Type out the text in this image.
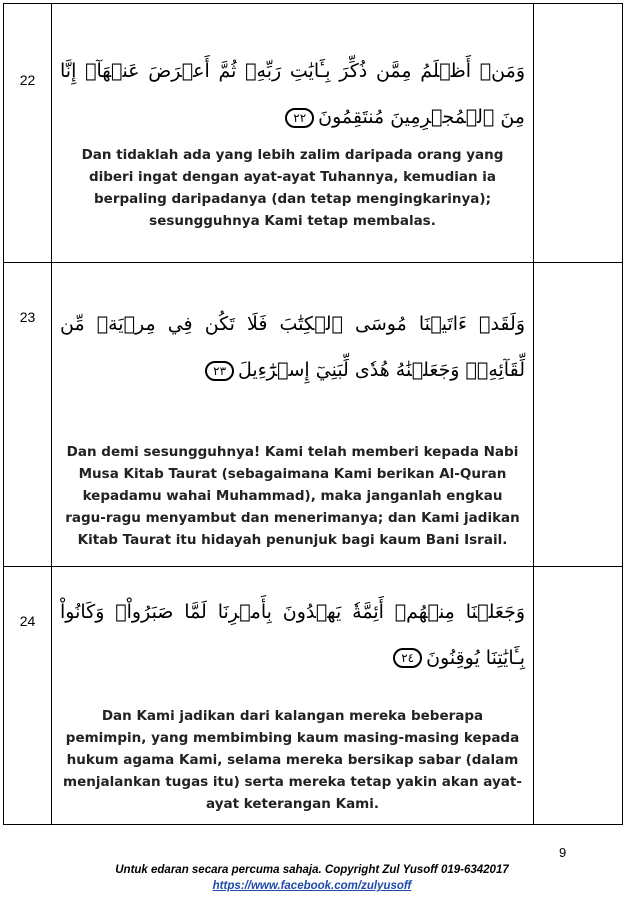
22	وَمَنۡ أَظۡلَمُ مِمَّن ذُكِّرَ بِـَٔايَٰتِ رَبِّهِۦ ثُمَّ أَعۡرَضَ عَنۡهَآۚ إِنَّا مِنَ ٱلۡمُجۡرِمِينَ مُنتَقِمُونَ٢٢

Dan tidaklah ada yang lebih zalim daripada orang yang diberi ingat dengan ayat-ayat Tuhannya, kemudian ia berpaling daripadanya (dan tetap mengingkarinya); sesungguhnya Kami tetap membalas.	

23	وَلَقَدۡ ءَاتَيۡنَا مُوسَى ٱلۡكِتَٰبَ فَلَا تَكُن فِي مِرۡيَةٖ مِّن لِّقَآئِهِۦۖ وَجَعَلۡنَٰهُ هُدٗى لِّبَنِيٓ إِسۡرَٰٓءِيلَ٢٣

Dan demi sesungguhnya! Kami telah memberi kepada Nabi Musa Kitab Taurat (sebagaimana Kami berikan Al-Quran kepadamu wahai Muhammad), maka janganlah engkau ragu-ragu menyambut dan menerimanya; dan Kami jadikan Kitab Taurat itu hidayah penunjuk bagi kaum Bani Israil.	

24	وَجَعَلۡنَا مِنۡهُمۡ أَئِمَّةٗ يَهۡدُونَ بِأَمۡرِنَا لَمَّا صَبَرُواْۖ وَكَانُواْ بِـَٔايَٰتِنَا يُوقِنُونَ٢٤

Dan Kami jadikan dari kalangan mereka beberapa pemimpin, yang membimbing kaum masing-masing kepada hukum agama Kami, selama mereka bersikap sabar (dalam menjalankan tugas itu) serta mereka tetap yakin akan ayat-ayat keterangan Kami.	

9
Untuk edaran secara percuma sahaja. Copyright Zul Yusoff 019-6342017
https://www.facebook.com/zulyusoff
